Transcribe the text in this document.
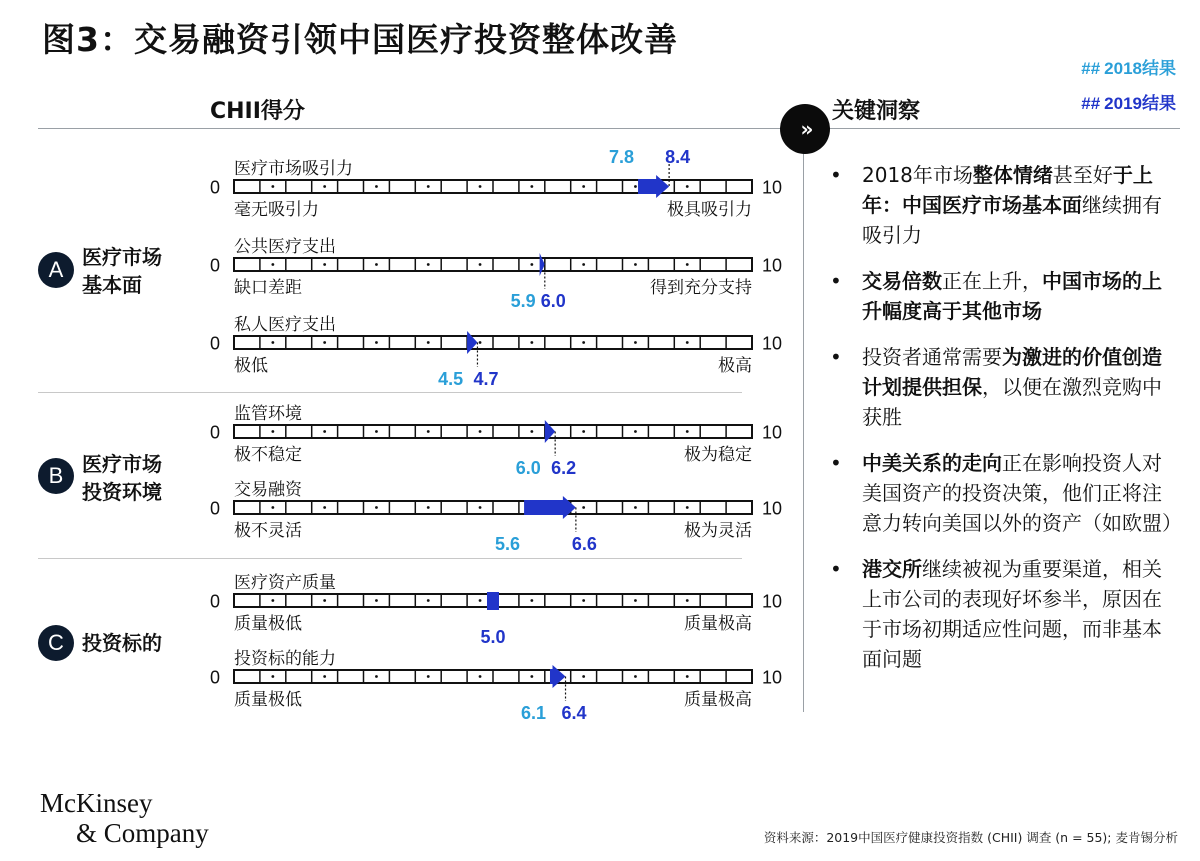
图3：交易融资引领中国医疗投资整体改善
## 2018结果
## 2019结果
CHII得分	关键洞察
»
A 医疗市场
基本面
B 医疗市场
投资环境
C 投资标的
医疗市场吸引力
0	10
7.8 8.4
毫无吸引力	极具吸引力
公共医疗支出
0	10
5.9 6.0
缺口差距	得到充分支持
私人医疗支出
0	10
4.5 4.7
极低	极高
监管环境
0	10
6.0 6.2
极不稳定	极为稳定
交易融资
0	10
5.6	6.6
极不灵活	极为灵活
医疗资产质量
0	10
5.0
质量极低	质量极高
投资标的能力
0	10
6.1 6.4
质量极低	质量极高
• 2018年市场整体情绪甚至好于上年：中国医疗市场基本面继续拥有吸引力
• 交易倍数正在上升，中国市场的上升幅度高于其他市场
• 投资者通常需要为激进的价值创造计划提供担保，以便在激烈竞购中获胜
• 中美关系的走向正在影响投资人对美国资产的投资决策，他们正将注意力转向美国以外的资产（如欧盟）
• 港交所继续被视为重要渠道，相关上市公司的表现好坏参半，原因在于市场初期适应性问题，而非基本面问题
McKinsey
& Company	资料来源：2019中国医疗健康投资指数 (CHII) 调查 (n = 55); 麦肯锡分析
